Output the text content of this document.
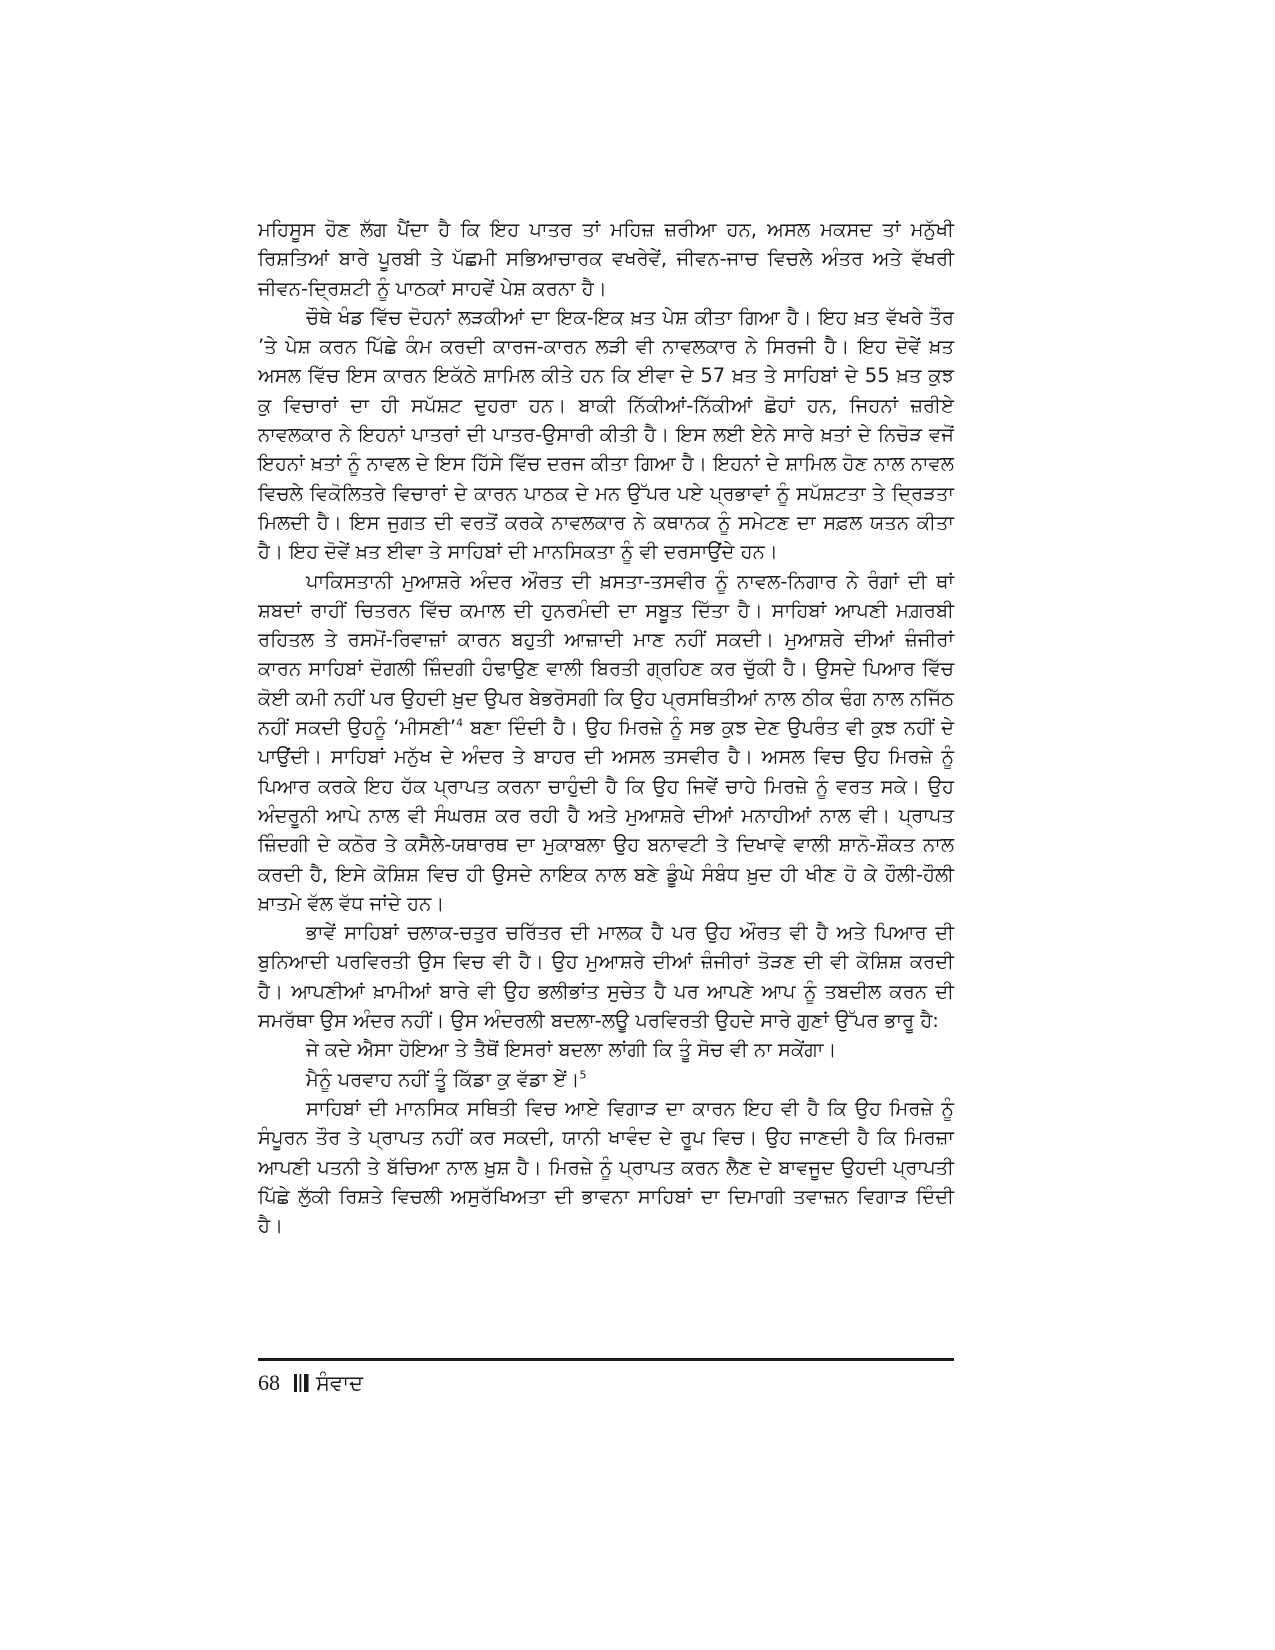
ਮਹਿਸੂਸ ਹੋਣ ਲੱਗ ਪੈਂਦਾ ਹੈ ਕਿ ਇਹ ਪਾਤਰ ਤਾਂ ਮਹਿਜ਼ ਜ਼ਰੀਆ ਹਨ, ਅਸਲ ਮਕਸਦ ਤਾਂ ਮਨੁੱਖੀ ਰਿਸ਼ਤਿਆਂ ਬਾਰੇ ਪੂਰਬੀ ਤੇ ਪੱਛਮੀ ਸਭਿਆਚਾਰਕ ਵਖਰੇਵੇਂ, ਜੀਵਨ-ਜਾਚ ਵਿਚਲੇ ਅੰਤਰ ਅਤੇ ਵੱਖਰੀ ਜੀਵਨ-ਦ੍ਰਿਸ਼ਟੀ ਨੂੰ ਪਾਠਕਾਂ ਸਾਹਵੇਂ ਪੇਸ਼ ਕਰਨਾ ਹੈ।

ਚੌਥੇ ਖੰਡ ਵਿੱਚ ਦੋਹਨਾਂ ਲੜਕੀਆਂ ਦਾ ਇਕ-ਇਕ ਖ਼ਤ ਪੇਸ਼ ਕੀਤਾ ਗਿਆ ਹੈ। ਇਹ ਖ਼ਤ ਵੱਖਰੇ ਤੌਰ ’ਤੇ ਪੇਸ਼ ਕਰਨ ਪਿੱਛੇ ਕੰਮ ਕਰਦੀ ਕਾਰਜ-ਕਾਰਨ ਲੜੀ ਵੀ ਨਾਵਲਕਾਰ ਨੇ ਸਿਰਜੀ ਹੈ। ਇਹ ਦੋਵੇਂ ਖ਼ਤ ਅਸਲ ਵਿੱਚ ਇਸ ਕਾਰਨ ਇਕੱਠੇ ਸ਼ਾਮਿਲ ਕੀਤੇ ਹਨ ਕਿ ਈਵਾ ਦੇ 57 ਖ਼ਤ ਤੇ ਸਾਹਿਬਾਂ ਦੇ 55 ਖ਼ਤ ਕੁਝ ਕੁ ਵਿਚਾਰਾਂ ਦਾ ਹੀ ਸਪੱਸ਼ਟ ਦੁਹਰਾ ਹਨ। ਬਾਕੀ ਨਿੱਕੀਆਂ-ਨਿੱਕੀਆਂ ਛੋਹਾਂ ਹਨ, ਜਿਹਨਾਂ ਜ਼ਰੀਏ ਨਾਵਲਕਾਰ ਨੇ ਇਹਨਾਂ ਪਾਤਰਾਂ ਦੀ ਪਾਤਰ-ਉਸਾਰੀ ਕੀਤੀ ਹੈ। ਇਸ ਲਈ ਏਨੇ ਸਾਰੇ ਖ਼ਤਾਂ ਦੇ ਨਿਚੋੜ ਵਜੋਂ ਇਹਨਾਂ ਖ਼ਤਾਂ ਨੂੰ ਨਾਵਲ ਦੇ ਇਸ ਹਿੱਸੇ ਵਿੱਚ ਦਰਜ ਕੀਤਾ ਗਿਆ ਹੈ। ਇਹਨਾਂ ਦੇ ਸ਼ਾਮਿਲ ਹੋਣ ਨਾਲ ਨਾਵਲ ਵਿਚਲੇ ਵਿਕੋਲਿਤਰੇ ਵਿਚਾਰਾਂ ਦੇ ਕਾਰਨ ਪਾਠਕ ਦੇ ਮਨ ਉੱਪਰ ਪਏ ਪ੍ਰਭਾਵਾਂ ਨੂੰ ਸਪੱਸ਼ਟਤਾ ਤੇ ਦ੍ਰਿੜਤਾ ਮਿਲਦੀ ਹੈ। ਇਸ ਜੁਗਤ ਦੀ ਵਰਤੋਂ ਕਰਕੇ ਨਾਵਲਕਾਰ ਨੇ ਕਥਾਨਕ ਨੂੰ ਸਮੇਟਣ ਦਾ ਸਫ਼ਲ ਯਤਨ ਕੀਤਾ ਹੈ। ਇਹ ਦੋਵੇਂ ਖ਼ਤ ਈਵਾ ਤੇ ਸਾਹਿਬਾਂ ਦੀ ਮਾਨਸਿਕਤਾ ਨੂੰ ਵੀ ਦਰਸਾਉਂਦੇ ਹਨ।

ਪਾਕਿਸਤਾਨੀ ਮੁਆਸ਼ਰੇ ਅੰਦਰ ਔਰਤ ਦੀ ਖ਼ਸਤਾ-ਤਸਵੀਰ ਨੂੰ ਨਾਵਲ-ਨਿਗਾਰ ਨੇ ਰੰਗਾਂ ਦੀ ਥਾਂ ਸ਼ਬਦਾਂ ਰਾਹੀਂ ਚਿਤਰਨ ਵਿੱਚ ਕਮਾਲ ਦੀ ਹੁਨਰਮੰਦੀ ਦਾ ਸਬੂਤ ਦਿੱਤਾ ਹੈ। ਸਾਹਿਬਾਂ ਆਪਣੀ ਮਗ਼ਰਬੀ ਰਹਿਤਲ ਤੇ ਰਸਮੋਂ-ਰਿਵਾਜ਼ਾਂ ਕਾਰਨ ਬਹੁਤੀ ਆਜ਼ਾਦੀ ਮਾਣ ਨਹੀਂ ਸਕਦੀ। ਮੁਆਸ਼ਰੇ ਦੀਆਂ ਜ਼ੰਜੀਰਾਂ ਕਾਰਨ ਸਾਹਿਬਾਂ ਦੋਗਲੀ ਜ਼ਿੰਦਗੀ ਹੰਢਾਉਣ ਵਾਲੀ ਬਿਰਤੀ ਗ੍ਰਹਿਣ ਕਰ ਚੁੱਕੀ ਹੈ। ਉਸਦੇ ਪਿਆਰ ਵਿੱਚ ਕੋਈ ਕਮੀ ਨਹੀਂ ਪਰ ਉਹਦੀ ਖ਼ੁਦ ਉਪਰ ਬੇਭਰੋਸਗੀ ਕਿ ਉਹ ਪ੍ਰਸਥਿਤੀਆਂ ਨਾਲ ਠੀਕ ਢੰਗ ਨਾਲ ਨਜਿੱਠ ਨਹੀਂ ਸਕਦੀ ਉਹਨੂੰ ‘ਮੀਸਣੀ’$^4$ ਬਣਾ ਦਿੰਦੀ ਹੈ। ਉਹ ਮਿਰਜ਼ੇ ਨੂੰ ਸਭ ਕੁਝ ਦੇਣ ਉਪਰੰਤ ਵੀ ਕੁਝ ਨਹੀਂ ਦੇ ਪਾਉਂਦੀ। ਸਾਹਿਬਾਂ ਮਨੁੱਖ ਦੇ ਅੰਦਰ ਤੇ ਬਾਹਰ ਦੀ ਅਸਲ ਤਸਵੀਰ ਹੈ। ਅਸਲ ਵਿਚ ਉਹ ਮਿਰਜ਼ੇ ਨੂੰ ਪਿਆਰ ਕਰਕੇ ਇਹ ਹੱਕ ਪ੍ਰਾਪਤ ਕਰਨਾ ਚਾਹੁੰਦੀ ਹੈ ਕਿ ਉਹ ਜਿਵੇਂ ਚਾਹੇ ਮਿਰਜ਼ੇ ਨੂੰ ਵਰਤ ਸਕੇ। ਉਹ ਅੰਦਰੂਨੀ ਆਪੇ ਨਾਲ ਵੀ ਸੰਘਰਸ਼ ਕਰ ਰਹੀ ਹੈ ਅਤੇ ਮੁਆਸ਼ਰੇ ਦੀਆਂ ਮਨਾਹੀਆਂ ਨਾਲ ਵੀ। ਪ੍ਰਾਪਤ ਜ਼ਿੰਦਗੀ ਦੇ ਕਠੋਰ ਤੇ ਕਸੈਲੇ-ਯਥਾਰਥ ਦਾ ਮੁਕਾਬਲਾ ਉਹ ਬਨਾਵਟੀ ਤੇ ਦਿਖਾਵੇ ਵਾਲੀ ਸ਼ਾਨੋ-ਸ਼ੌਕਤ ਨਾਲ ਕਰਦੀ ਹੈ, ਇਸੇ ਕੋਸ਼ਿਸ਼ ਵਿਚ ਹੀ ਉਸਦੇ ਨਾਇਕ ਨਾਲ ਬਣੇ ਡੂੰਘੇ ਸੰਬੰਧ ਖ਼ੁਦ ਹੀ ਖੀਣ ਹੋ ਕੇ ਹੌਲੀ-ਹੌਲੀ ਖ਼ਾਤਮੇ ਵੱਲ ਵੱਧ ਜਾਂਦੇ ਹਨ।

ਭਾਵੇਂ ਸਾਹਿਬਾਂ ਚਲਾਕ-ਚਤੁਰ ਚਰਿੱਤਰ ਦੀ ਮਾਲਕ ਹੈ ਪਰ ਉਹ ਔਰਤ ਵੀ ਹੈ ਅਤੇ ਪਿਆਰ ਦੀ ਬੁਨਿਆਦੀ ਪਰਵਿਰਤੀ ਉਸ ਵਿਚ ਵੀ ਹੈ। ਉਹ ਮੁਆਸ਼ਰੇ ਦੀਆਂ ਜ਼ੰਜੀਰਾਂ ਤੋੜਣ ਦੀ ਵੀ ਕੋਸ਼ਿਸ਼ ਕਰਦੀ ਹੈ। ਆਪਣੀਆਂ ਖ਼ਾਮੀਆਂ ਬਾਰੇ ਵੀ ਉਹ ਭਲੀਭਾਂਤ ਸੁਚੇਤ ਹੈ ਪਰ ਆਪਣੇ ਆਪ ਨੂੰ ਤਬਦੀਲ ਕਰਨ ਦੀ ਸਮਰੱਥਾ ਉਸ ਅੰਦਰ ਨਹੀਂ। ਉਸ ਅੰਦਰਲੀ ਬਦਲਾ-ਲਊ ਪਰਵਿਰਤੀ ਉਹਦੇ ਸਾਰੇ ਗੁਣਾਂ ਉੱਪਰ ਭਾਰੂ ਹੈ:

ਜੇ ਕਦੇ ਐਸਾ ਹੋਇਆ ਤੇ ਤੈਥੋਂ ਇਸਰਾਂ ਬਦਲਾ ਲਾਂਗੀ ਕਿ ਤੂੰ ਸੋਚ ਵੀ ਨਾ ਸਕੇਂਗਾ।

ਮੈਨੂੰ ਪਰਵਾਹ ਨਹੀਂ ਤੂੰ ਕਿੱਡਾ ਕੁ ਵੱਡਾ ਏਂ।$^5$

ਸਾਹਿਬਾਂ ਦੀ ਮਾਨਸਿਕ ਸਥਿਤੀ ਵਿਚ ਆਏ ਵਿਗਾੜ ਦਾ ਕਾਰਨ ਇਹ ਵੀ ਹੈ ਕਿ ਉਹ ਮਿਰਜ਼ੇ ਨੂੰ ਸੰਪੂਰਨ ਤੌਰ ਤੇ ਪ੍ਰਾਪਤ ਨਹੀਂ ਕਰ ਸਕਦੀ, ਯਾਨੀ ਖਾਵੰਦ ਦੇ ਰੂਪ ਵਿਚ। ਉਹ ਜਾਣਦੀ ਹੈ ਕਿ ਮਿਰਜ਼ਾ ਆਪਣੀ ਪਤਨੀ ਤੇ ਬੱਚਿਆ ਨਾਲ ਖ਼ੁਸ਼ ਹੈ। ਮਿਰਜ਼ੇ ਨੂੰ ਪ੍ਰਾਪਤ ਕਰਨ ਲੈਣ ਦੇ ਬਾਵਜੂਦ ਉਹਦੀ ਪ੍ਰਾਪਤੀ ਪਿੱਛੇ ਲੁੱਕੀ ਰਿਸ਼ਤੇ ਵਿਚਲੀ ਅਸੁਰੱਖਿਅਤਾ ਦੀ ਭਾਵਨਾ ਸਾਹਿਬਾਂ ਦਾ ਦਿਮਾਗੀ ਤਵਾਜ਼ਨ ਵਿਗਾੜ ਦਿੰਦੀ ਹੈ।

68 ਸੰਵਾਦ
